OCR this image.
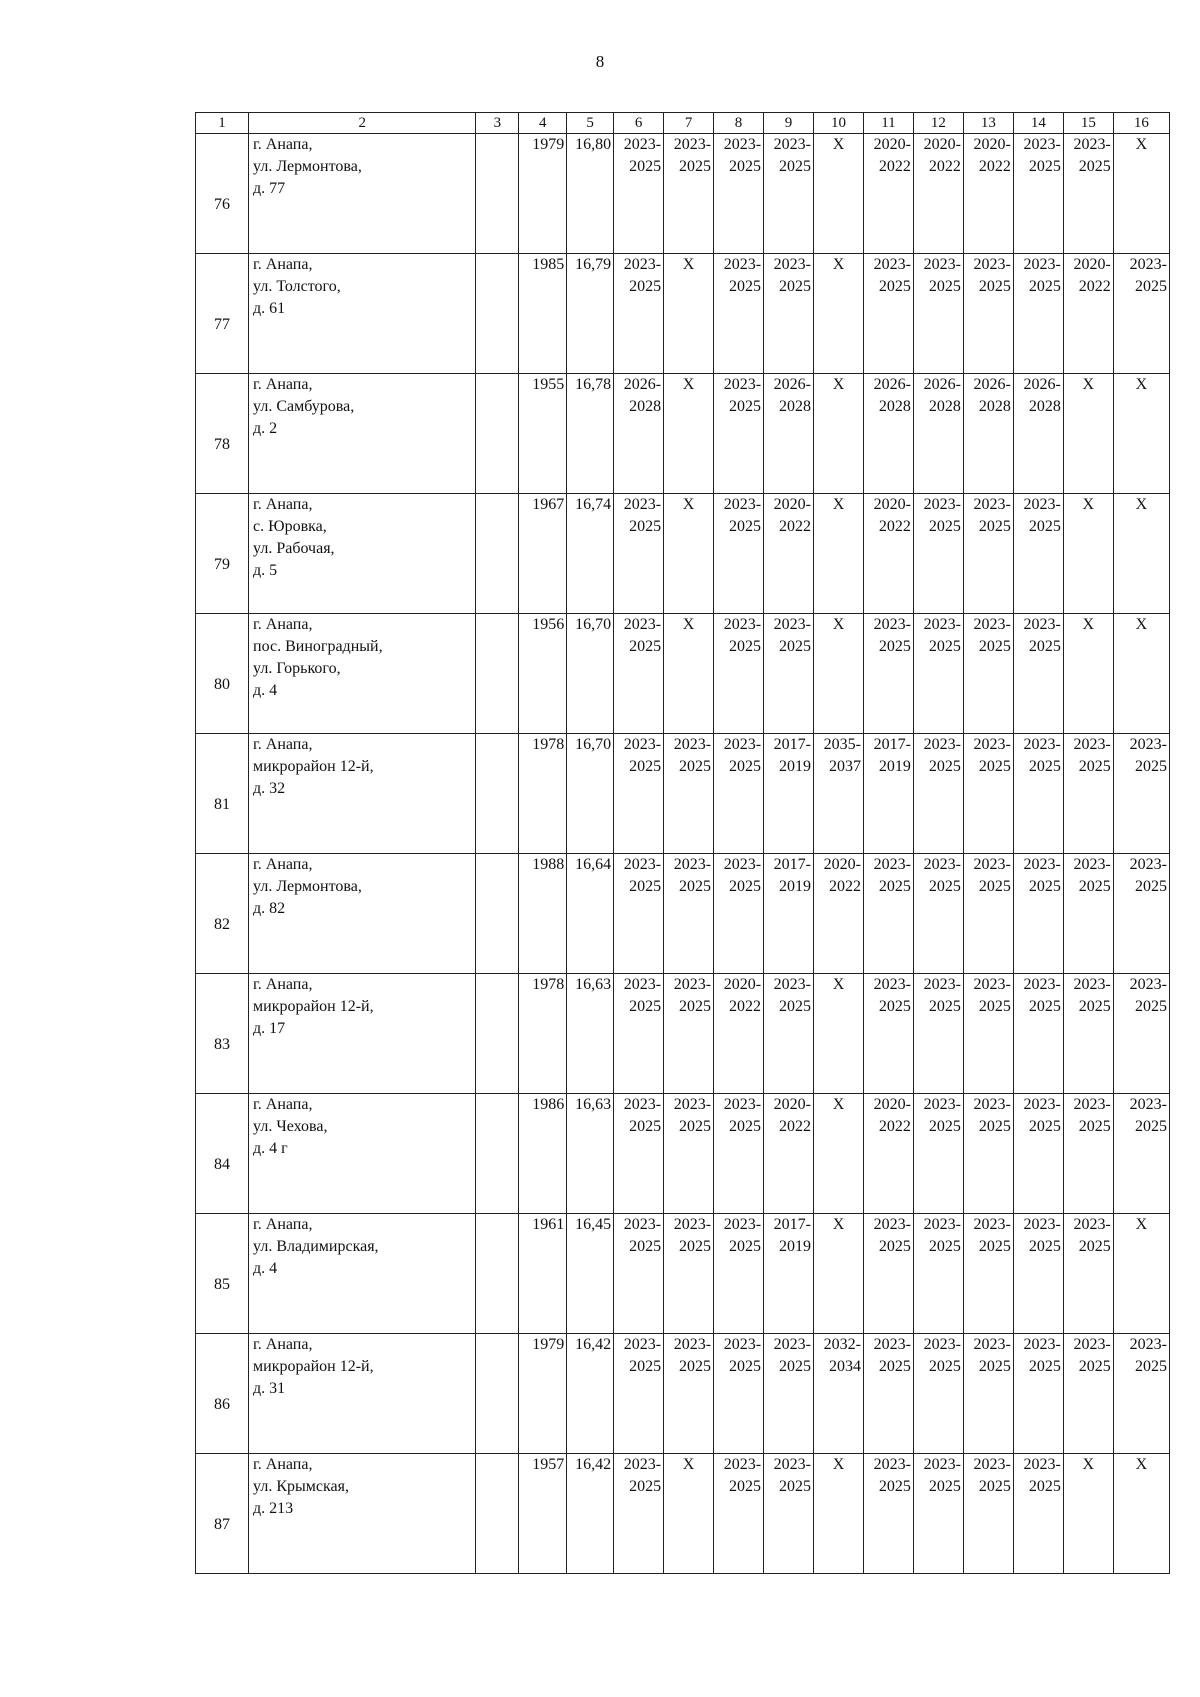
8
1	2	3	4	5	6	7	8	9	10	11	12	13	14	15	16
76	г. Анапа,
ул. Лермонтова,
д. 77		1979	16,80	2023-
2025	2023-
2025	2023-
2025	2023-
2025	X	2020-
2022	2020-
2022	2020-
2022	2023-
2025	2023-
2025	X
77	г. Анапа,
ул. Толстого,
д. 61		1985	16,79	2023-
2025	X	2023-
2025	2023-
2025	X	2023-
2025	2023-
2025	2023-
2025	2023-
2025	2020-
2022	2023-
2025
78	г. Анапа,
ул. Самбурова,
д. 2		1955	16,78	2026-
2028	X	2023-
2025	2026-
2028	X	2026-
2028	2026-
2028	2026-
2028	2026-
2028	X	X
79	г. Анапа,
с. Юровка,
ул. Рабочая,
д. 5		1967	16,74	2023-
2025	X	2023-
2025	2020-
2022	X	2020-
2022	2023-
2025	2023-
2025	2023-
2025	X	X
80	г. Анапа,
пос. Виноградный,
ул. Горького,
д. 4		1956	16,70	2023-
2025	X	2023-
2025	2023-
2025	X	2023-
2025	2023-
2025	2023-
2025	2023-
2025	X	X
81	г. Анапа,
микрорайон 12-й,
д. 32		1978	16,70	2023-
2025	2023-
2025	2023-
2025	2017-
2019	2035-
2037	2017-
2019	2023-
2025	2023-
2025	2023-
2025	2023-
2025	2023-
2025
82	г. Анапа,
ул. Лермонтова,
д. 82		1988	16,64	2023-
2025	2023-
2025	2023-
2025	2017-
2019	2020-
2022	2023-
2025	2023-
2025	2023-
2025	2023-
2025	2023-
2025	2023-
2025
83	г. Анапа,
микрорайон 12-й,
д. 17		1978	16,63	2023-
2025	2023-
2025	2020-
2022	2023-
2025	X	2023-
2025	2023-
2025	2023-
2025	2023-
2025	2023-
2025	2023-
2025
84	г. Анапа,
ул. Чехова,
д. 4 г		1986	16,63	2023-
2025	2023-
2025	2023-
2025	2020-
2022	X	2020-
2022	2023-
2025	2023-
2025	2023-
2025	2023-
2025	2023-
2025
85	г. Анапа,
ул. Владимирская,
д. 4		1961	16,45	2023-
2025	2023-
2025	2023-
2025	2017-
2019	X	2023-
2025	2023-
2025	2023-
2025	2023-
2025	2023-
2025	X
86	г. Анапа,
микрорайон 12-й,
д. 31		1979	16,42	2023-
2025	2023-
2025	2023-
2025	2023-
2025	2032-
2034	2023-
2025	2023-
2025	2023-
2025	2023-
2025	2023-
2025	2023-
2025
87	г. Анапа,
ул. Крымская,
д. 213		1957	16,42	2023-
2025	X	2023-
2025	2023-
2025	X	2023-
2025	2023-
2025	2023-
2025	2023-
2025	X	X
